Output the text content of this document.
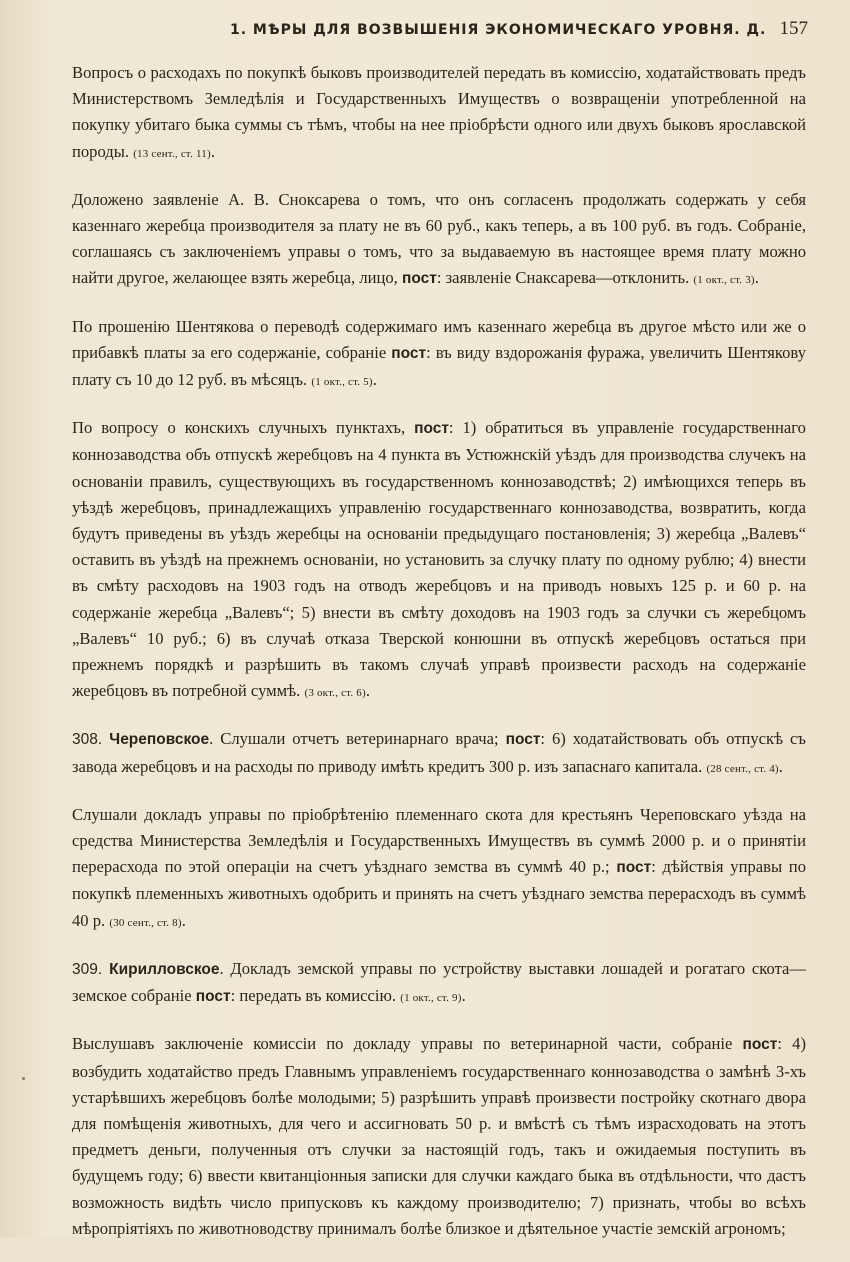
1. МѢРЫ ДЛЯ ВОЗВЫШЕНІЯ ЭКОНОМИЧЕСКАГО УРОВНЯ. Д. 157

Вопросъ о расходахъ по покупкѣ быковъ производителей передать въ комиссію, ходатайствовать предъ Министерствомъ Земледѣлія и Государственныхъ Имуществъ о возвращеніи употребленной на покупку убитаго быка суммы съ тѣмъ, чтобы на нее пріобрѣсти одного или двухъ быковъ ярославской породы. (13 сент., ст. 11).

Доложено заявленіе А. В. Сноксарева о томъ, что онъ согласенъ продолжать содержать у себя казеннаго жеребца производителя за плату не въ 60 руб., какъ теперь, а въ 100 руб. въ годъ. Собраніе, соглашаясь съ заключеніемъ управы о томъ, что за выдаваемую въ настоящее время плату можно найти другое, желающее взять жеребца, лицо, пост: заявленіе Снаксарева—отклонить. (1 окт., ст. 3).

По прошенію Шентякова о переводѣ содержимаго имъ казеннаго жеребца въ другое мѣсто или же о прибавкѣ платы за его содержаніе, собраніе пост: въ виду вздорожанія фуража, увеличить Шентякову плату съ 10 до 12 руб. въ мѣсяцъ. (1 окт., ст. 5).

По вопросу о конскихъ случныхъ пунктахъ, пост: 1) обратиться въ управленіе государственнаго коннозаводства объ отпускѣ жеребцовъ на 4 пункта въ Устюжнскій уѣздъ для производства случекъ на основаніи правилъ, существующихъ въ государственномъ коннозаводствѣ; 2) имѣющихся теперь въ уѣздѣ жеребцовъ, принадлежащихъ управленію государственнаго коннозаводства, возвратить, когда будутъ приведены въ уѣздъ жеребцы на основаніи предыдущаго постановленія; 3) жеребца „Валевъ“ оставить въ уѣздѣ на прежнемъ основаніи, но установить за случку плату по одному рублю; 4) внести въ смѣту расходовъ на 1903 годъ на отводъ жеребцовъ и на приводъ новыхъ 125 р. и 60 р. на содержаніе жеребца „Валевъ“; 5) внести въ смѣту доходовъ на 1903 годъ за случки съ жеребцомъ „Валевъ“ 10 руб.; 6) въ случаѣ отказа Тверской конюшни въ отпускѣ жеребцовъ остаться при прежнемъ порядкѣ и разрѣшить въ такомъ случаѣ управѣ произвести расходъ на содержаніе жеребцовъ въ потребной суммѣ. (3 окт., ст. 6).

308. Череповское. Слушали отчетъ ветеринарнаго врача; пост: 6) ходатайствовать объ отпускѣ съ завода жеребцовъ и на расходы по приводу имѣть кредитъ 300 р. изъ запаснаго капитала. (28 сент., ст. 4).

Слушали докладъ управы по пріобрѣтенію племеннаго скота для крестьянъ Череповскаго уѣзда на средства Министерства Земледѣлія и Государственныхъ Имуществъ въ суммѣ 2000 р. и о принятіи перерасхода по этой операціи на счетъ уѣзднаго земства въ суммѣ 40 р.; пост: дѣйствія управы по покупкѣ племенныхъ животныхъ одобрить и принять на счетъ уѣзднаго земства перерасходъ въ суммѣ 40 р. (30 сент., ст. 8).

309. Кирилловское. Докладъ земской управы по устройству выставки лошадей и рогатаго скота—земское собраніе пост: передать въ комиссію. (1 окт., ст. 9).

Выслушавъ заключеніе комиссіи по докладу управы по ветеринарной части, собраніе пост: 4) возбудить ходатайство предъ Главнымъ управленіемъ государственнаго коннозаводства о замѣнѣ 3-хъ устарѣвшихъ жеребцовъ болѣе молодыми; 5) разрѣшить управѣ произвести постройку скотнаго двора для помѣщенія животныхъ, для чего и ассигновать 50 р. и вмѣстѣ съ тѣмъ израсходовать на этотъ предметъ деньги, полученныя отъ случки за настоящій годъ, такъ и ожидаемыя поступить въ будущемъ году; 6) ввести квитанціонныя записки для случки каждаго быка въ отдѣльности, что дастъ возможность видѣть число припусковъ къ каждому производителю; 7) признать, чтобы во всѣхъ мѣропріятіяхъ по животноводству принималъ болѣе близкое и дѣятельное участіе земскій агрономъ;
